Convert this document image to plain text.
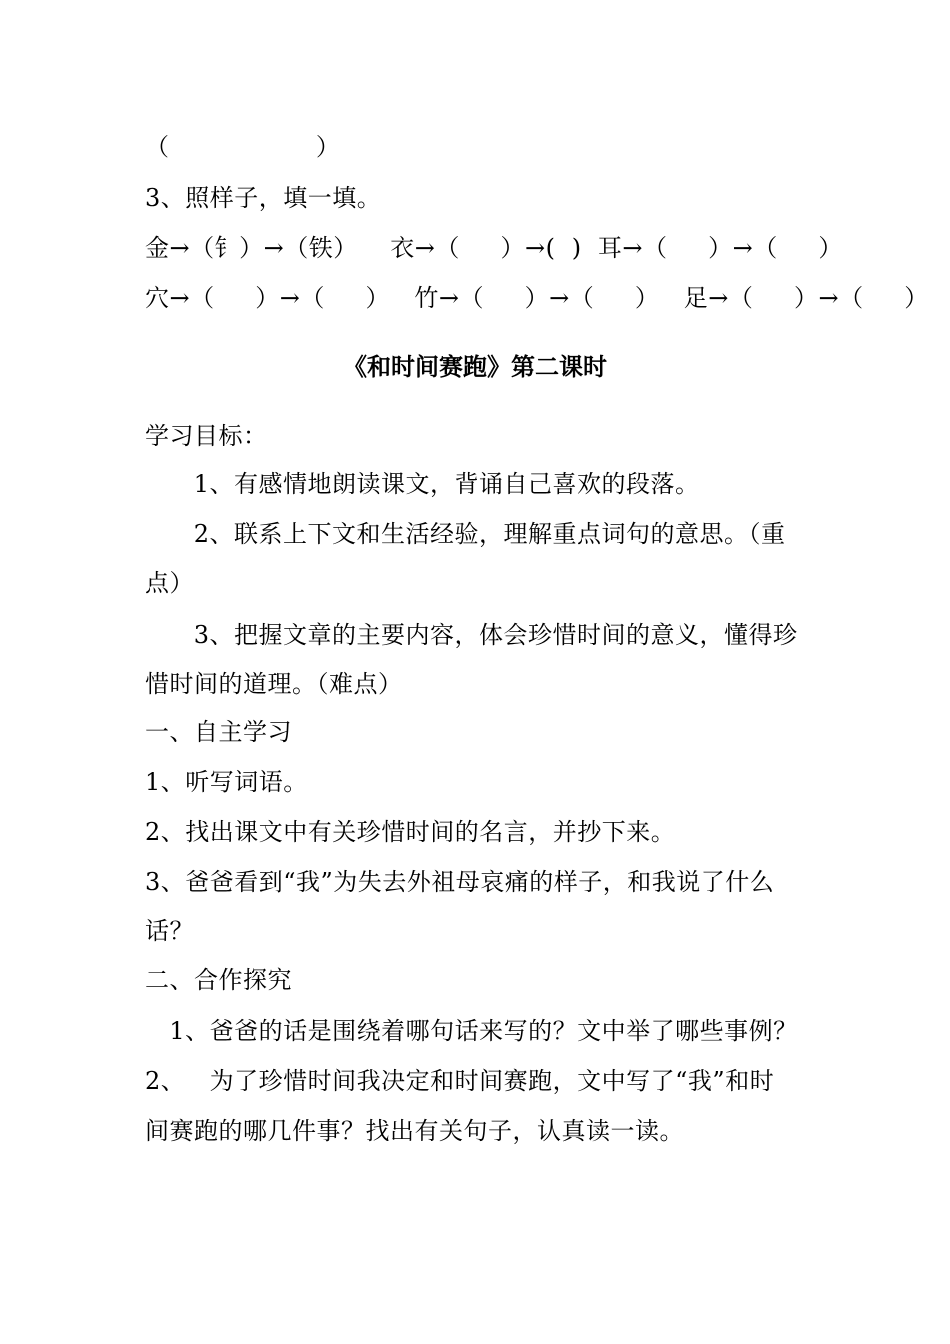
（                  ）
3、照样子，填一填。
金→（钅）→（铁）    衣→（     ）→(  )  耳→（     ）→（     ）
穴→（     ）→（     ）   竹→（     ）→（     ）   足→（     ）→（     ）
《和时间赛跑》第二课时
学习目标：
1、有感情地朗读课文，背诵自己喜欢的段落。
2、联系上下文和生活经验，理解重点词句的意思。（重
点）
3、把握文章的主要内容，体会珍惜时间的意义，懂得珍
惜时间的道理。（难点）
一、自主学习
1、听写词语。
2、找出课文中有关珍惜时间的名言，并抄下来。
3、爸爸看到“我”为失去外祖母哀痛的样子，和我说了什么
话？
二、合作探究
1、爸爸的话是围绕着哪句话来写的？文中举了哪些事例？
2、   为了珍惜时间我决定和时间赛跑，文中写了“我”和时
间赛跑的哪几件事？找出有关句子，认真读一读。
